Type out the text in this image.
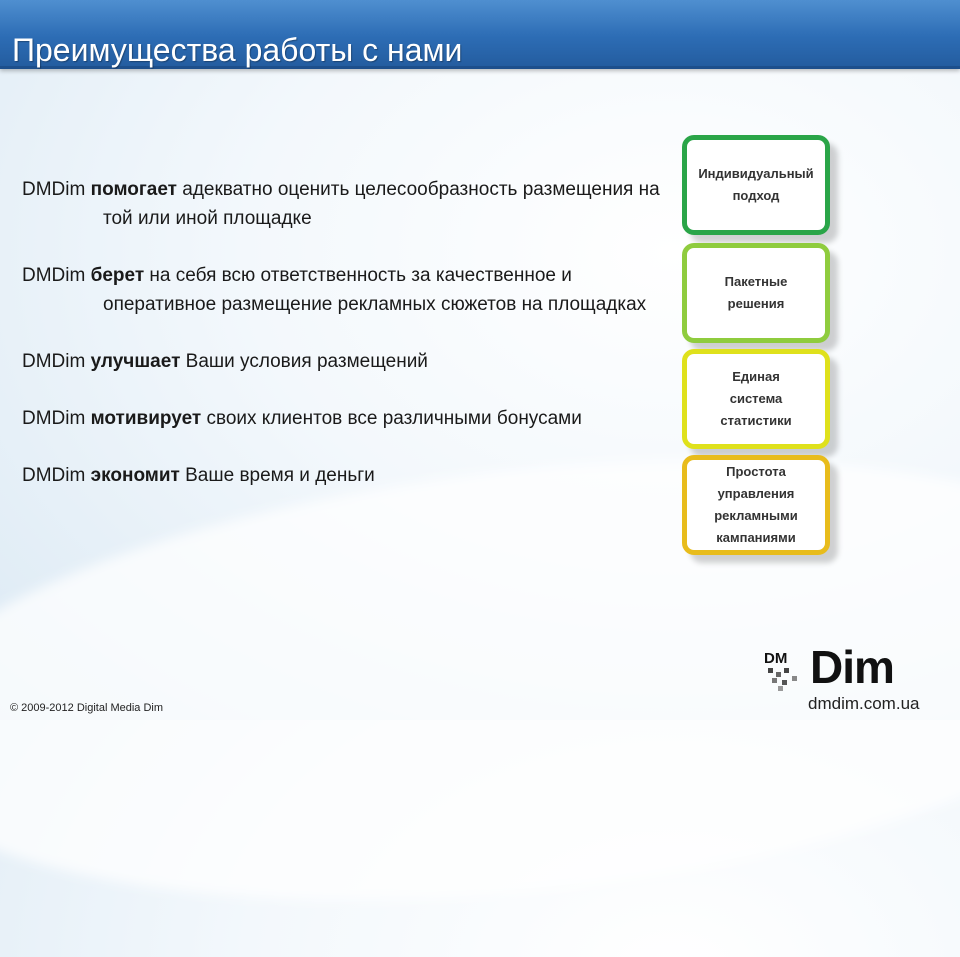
Преимущества работы с нами
DMDim помогает адекватно оценить целесообразность размещения на той или иной площадке
DMDim берет на себя всю ответственность за качественное и оперативное размещение рекламных сюжетов на площадках
DMDim улучшает Ваши условия размещений
DMDim мотивирует своих клиентов все различными бонусами
DMDim экономит Ваше время и деньги
Индивидуальный
подход
Пакетные
решения
Единая
система
статистики
Простота
управления
рекламными
кампаниями
© 2009-2012 Digital Media Dim
DM Dim
dmdim.com.ua
